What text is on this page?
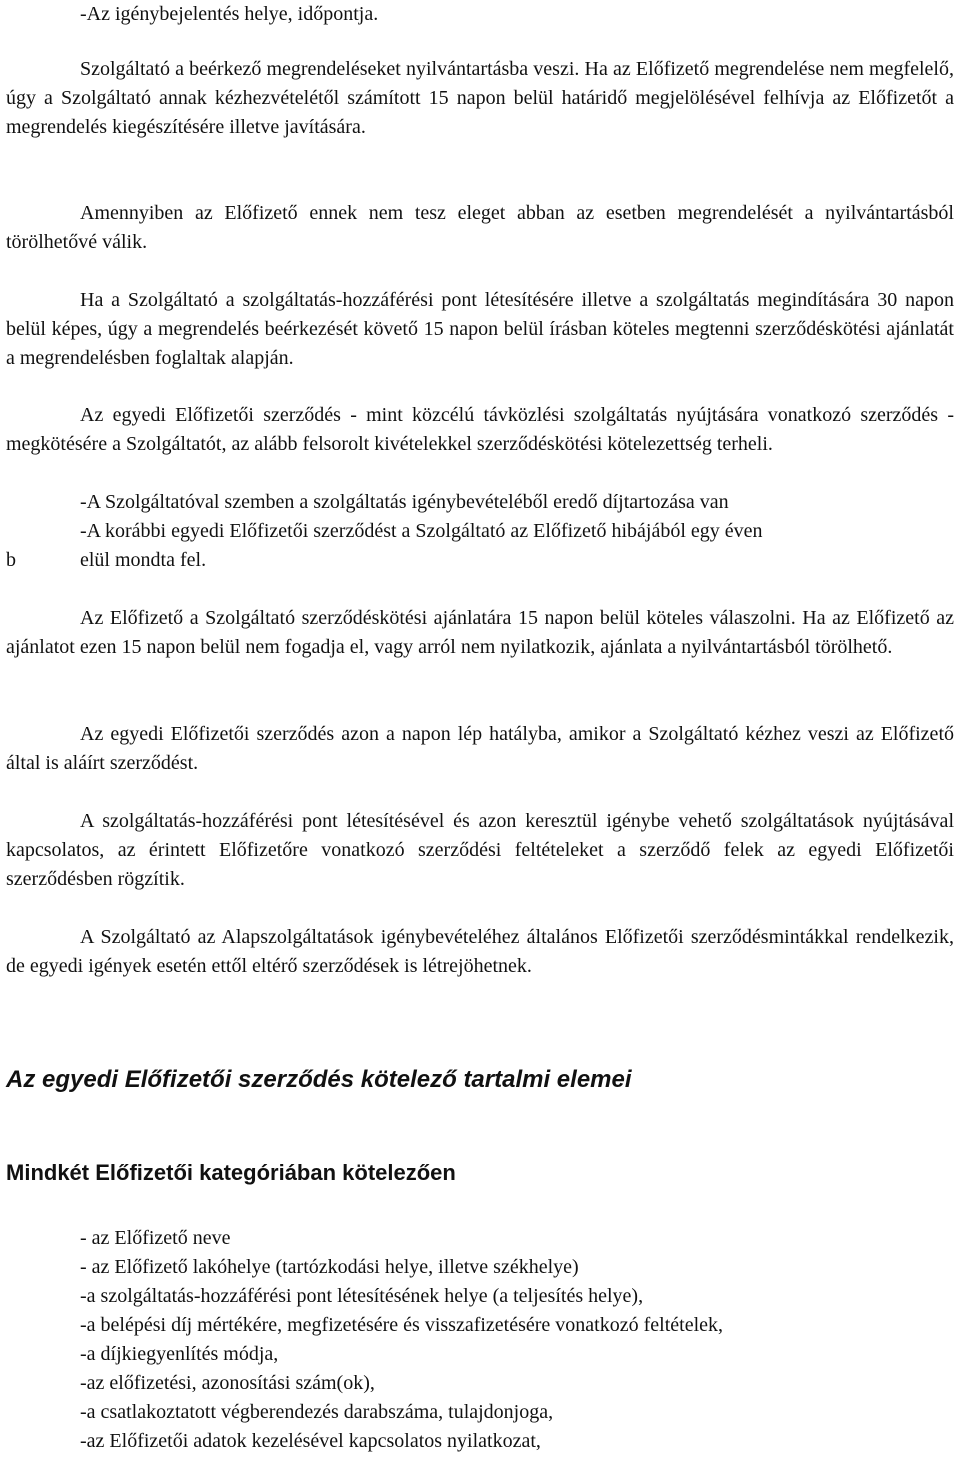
-Az igénybejelentés helye, időpontja.

Szolgáltató a beérkező megrendeléseket nyilvántartásba veszi. Ha az Előfizető megrendelése nem megfelelő, úgy a Szolgáltató annak kézhezvételétől számított 15 napon belül határidő megjelölésével felhívja az Előfizetőt a megrendelés kiegészítésére illetve javítására.

Amennyiben az Előfizető ennek nem tesz eleget abban az esetben megrendelését a nyilvántartásból törölhetővé válik.

Ha a Szolgáltató a szolgáltatás-hozzáférési pont létesítésére illetve a szolgáltatás megindítására 30 napon belül képes, úgy a megrendelés beérkezését követő 15 napon belül írásban köteles megtenni szerződéskötési ajánlatát a megrendelésben foglaltak alapján.

Az egyedi Előfizetői szerződés - mint közcélú távközlési szolgáltatás nyújtására vonatkozó szerződés - megkötésére a Szolgáltatót, az alább felsorolt kivételekkel szerződéskötési kötelezettség terheli.

-A Szolgáltatóval szemben a szolgáltatás igénybevételéből eredő díjtartozása van

-A korábbi egyedi Előfizetői szerződést a Szolgáltató az Előfizető hibájából egy éven

b	elül mondta fel.

Az Előfizető a Szolgáltató szerződéskötési ajánlatára 15 napon belül köteles válaszolni. Ha az Előfizető az ajánlatot ezen 15 napon belül nem fogadja el, vagy arról nem nyilatkozik, ajánlata a nyilvántartásból törölhető.

Az egyedi Előfizetői szerződés azon a napon lép hatályba, amikor a Szolgáltató kézhez veszi az Előfizető által is aláírt szerződést.

A szolgáltatás-hozzáférési pont létesítésével és azon keresztül igénybe vehető szolgáltatások nyújtásával kapcsolatos, az érintett Előfizetőre vonatkozó szerződési feltételeket a szerződő felek az egyedi Előfizetői szerződésben rögzítik.

A Szolgáltató az Alapszolgáltatások igénybevételéhez általános Előfizetői szerződésmintákkal rendelkezik, de egyedi igények esetén ettől eltérő szerződések is létrejöhetnek.

Az egyedi Előfizetői szerződés kötelező tartalmi elemei
Mindkét Előfizetői kategóriában kötelezően

- az Előfizető neve

- az Előfizető lakóhelye (tartózkodási helye, illetve székhelye)

-a szolgáltatás-hozzáférési pont létesítésének helye (a teljesítés helye),

-a belépési díj mértékére, megfizetésére és visszafizetésére vonatkozó feltételek,

-a díjkiegyenlítés módja,

-az előfizetési, azonosítási szám(ok),

-a csatlakoztatott végberendezés darabszáma, tulajdonjoga,

-az Előfizetői adatok kezelésével kapcsolatos nyilatkozat,
